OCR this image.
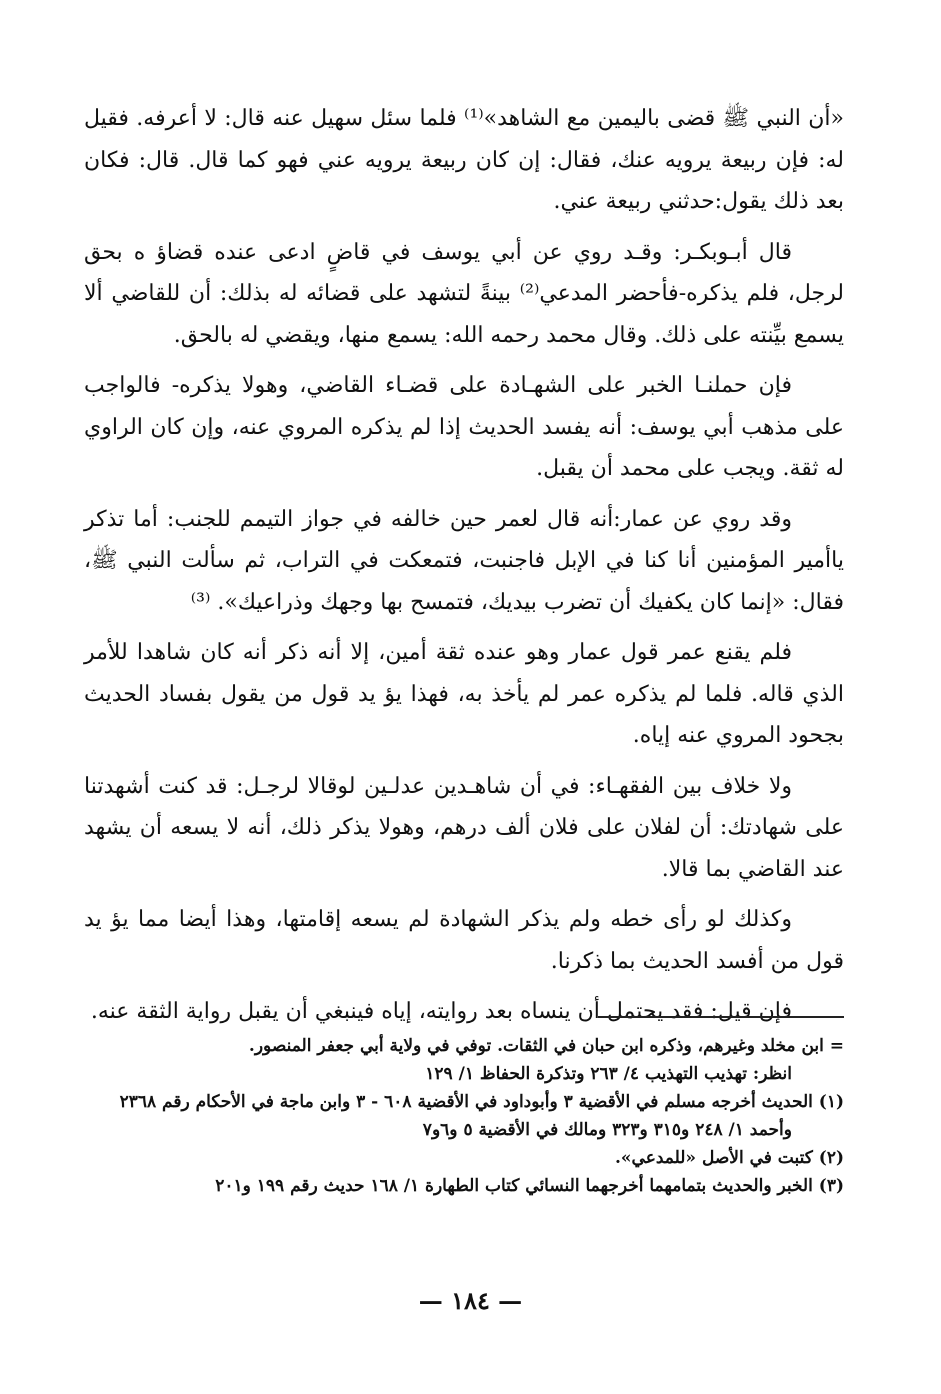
«أن النبي ﷺ قضى باليمين مع الشاهد»⁽¹⁾ فلما سئل سهيل عنه قال: لا أعرفه. فقيل له: فإن ربيعة يرويه عنك، فقال: إن كان ربيعة يرويه عني فهو كما قال. قال: فكان بعد ذلك يقول:حدثني ربيعة عني.

قال أبـوبكـر: وقـد روي عن أبي يوسف في قاضٍ ادعى عنده قضاؤ ه بحق لرجل، فلم يذكره-فأحضر المدعي⁽²⁾ بينةً لتشهد على قضائه له بذلك: أن للقاضي ألا يسمع بيِّنته على ذلك. وقال محمد رحمه الله: يسمع منها، ويقضي له بالحق.

فإن حملنـا الخبر على الشهـادة على قضـاء القاضي، وهولا يذكره- فالواجب على مذهب أبي يوسف: أنه يفسد الحديث إذا لم يذكره المروي عنه، وإن كان الراوي له ثقة. ويجب على محمد أن يقبل.

وقد روي عن عمار:أنه قال لعمر حين خالفه في جواز التيمم للجنب: أما تذكر ياأمير المؤمنين أنا كنا في الإبل فاجنبت، فتمعكت في التراب، ثم سألت النبي ﷺ، فقال: «إنما كان يكفيك أن تضرب بيديك، فتمسح بها وجهك وذراعيك». ⁽³⁾

فلم يقنع عمر قول عمار وهو عنده ثقة أمين، إلا أنه ذكر أنه كان شاهدا للأمر الذي قاله. فلما لم يذكره عمر لم يأخذ به، فهذا يؤ يد قول من يقول بفساد الحديث بجحود المروي عنه إياه.

ولا خلاف بين الفقهـاء: في أن شاهـدين عدلـين لوقالا لرجـل: قد كنت أشهدتنا على شهادتك: أن لفلان على فلان ألف درهم، وهولا يذكر ذلك، أنه لا يسعه أن يشهد عند القاضي بما قالا.

وكذلك لو رأى خطه ولم يذكر الشهادة لم يسعه إقامتها، وهذا أيضا مما يؤ يد قول من أفسد الحديث بما ذكرنا.

فإن قيل: فقد يحتمل أن ينساه بعد روايته، إياه فينبغي أن يقبل رواية الثقة عنه.

= ابن مخلد وغيرهم، وذكره ابن حبان في الثقات. توفي في ولاية أبي جعفر المنصور.

انظر: تهذيب التهذيب ٤/ ٢٦٣ وتذكرة الحفاظ ١/ ١٢٩

(١) الحديث أخرجه مسلم في الأقضية ٣ وأبوداود في الأقضية ٦٠٨ - ٣ وابن ماجة في الأحكام رقم ٢٣٦٨

وأحمد ١/ ٢٤٨ و٣١٥ و٣٢٣ ومالك في الأقضية ٥ و٦و٧

(٢) كتبت في الأصل «للمدعي».

(٣) الخبر والحديث بتمامهما أخرجهما النسائي كتاب الطهارة ١/ ١٦٨ حديث رقم ١٩٩ و٢٠١

— ١٨٤ —
